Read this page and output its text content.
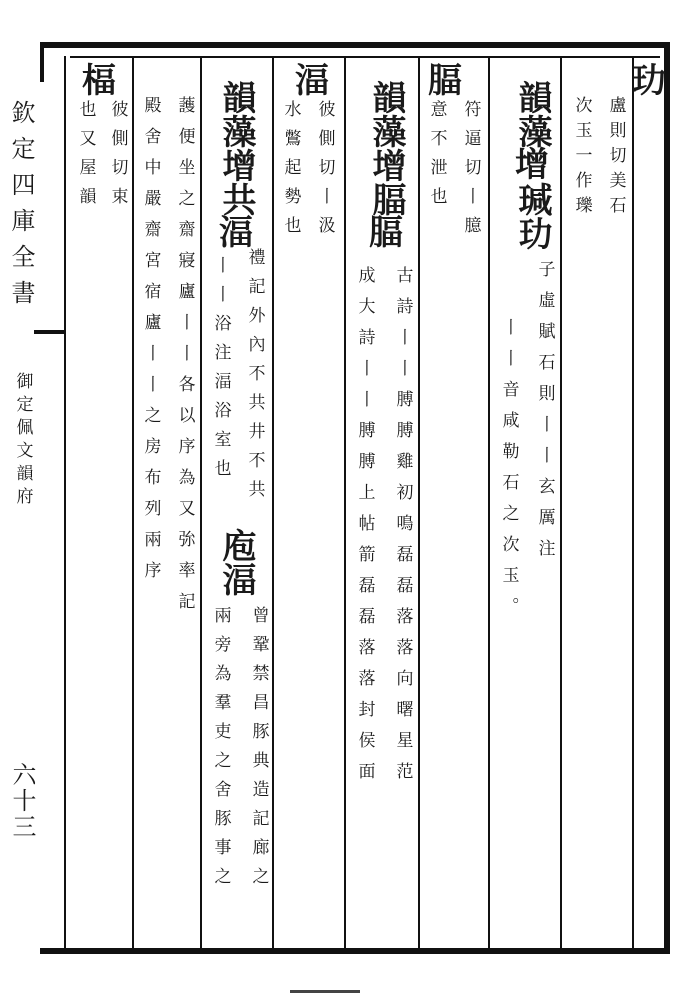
欽定四庫全書
御定佩文韻府
六十三
玏
盧則切美石
次玉一作瓅
韻藻
增
瑊玏
子虛賦石則丨丨玄厲注
丨丨音咸勒石之次玉。
腷
符逼切丨臆
意不泄也
韻藻
增腷
腷
古詩丨丨膊膊雞初鳴磊磊落落向曙星范
成大詩丨丨膊膊上帖箭磊磊落落封侯面
湢
彼側切丨汲
水鷩起勢也
韻藻
增共
湢
禮記外內不共井不共
丨丨浴注湢浴室也
庖湢
曾鞏禁昌豚典造記廊之
兩旁為羣吏之舍豚事之
䕶便坐之齋寢廬丨丨各以序為又㢱率記
殿舍中嚴齋宮宿廬丨丨之房布列兩序
楅
彼側切束
也又屋韻
